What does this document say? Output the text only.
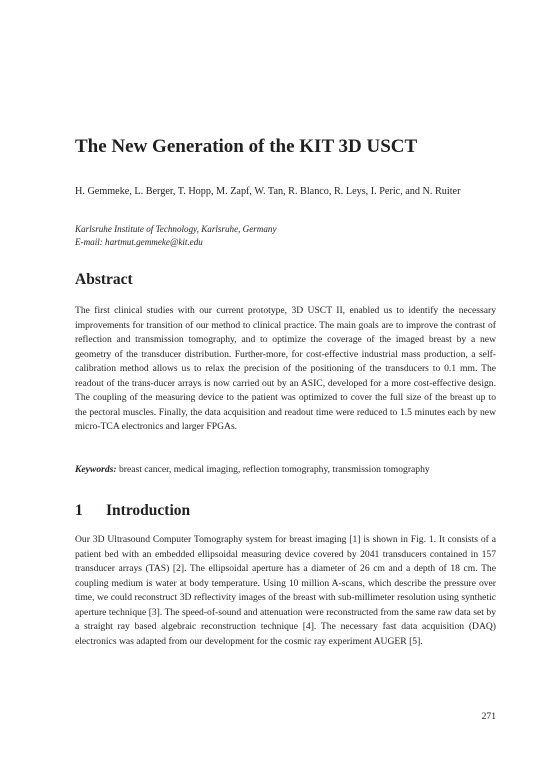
The New Generation of the KIT 3D USCT

H. Gemmeke, L. Berger, T. Hopp, M. Zapf, W. Tan, R. Blanco, R. Leys, I. Peric, and N. Ruiter

Karlsruhe Institute of Technology, Karlsruhe, Germany
E-mail: hartmut.gemmeke@kit.edu
Abstract

The first clinical studies with our current prototype, 3D USCT II, enabled us to identify the necessary improvements for transition of our method to clinical practice. The main goals are to improve the contrast of reflection and transmission tomography, and to optimize the coverage of the imaged breast by a new geometry of the transducer distribution. Further-more, for cost-effective industrial mass production, a self-calibration method allows us to relax the precision of the positioning of the transducers to 0.1 mm. The readout of the trans-ducer arrays is now carried out by an ASIC, developed for a more cost-effective design. The coupling of the measuring device to the patient was optimized to cover the full size of the breast up to the pectoral muscles. Finally, the data acquisition and readout time were reduced to 1.5 minutes each by new micro-TCA electronics and larger FPGAs.

Keywords: breast cancer, medical imaging, reflection tomography, transmission tomography

1 Introduction

Our 3D Ultrasound Computer Tomography system for breast imaging [1] is shown in Fig. 1. It consists of a patient bed with an embedded ellipsoidal measuring device covered by 2041 transducers contained in 157 transducer arrays (TAS) [2]. The ellipsoidal aperture has a diameter of 26 cm and a depth of 18 cm. The coupling medium is water at body temperature. Using 10 million A-scans, which describe the pressure over time, we could reconstruct 3D reflectivity images of the breast with sub-millimeter resolution using synthetic aperture technique [3]. The speed-of-sound and attenuation were reconstructed from the same raw data set by a straight ray based algebraic reconstruction technique [4]. The necessary fast data acquisition (DAQ) electronics was adapted from our development for the cosmic ray experiment AUGER [5].

271
